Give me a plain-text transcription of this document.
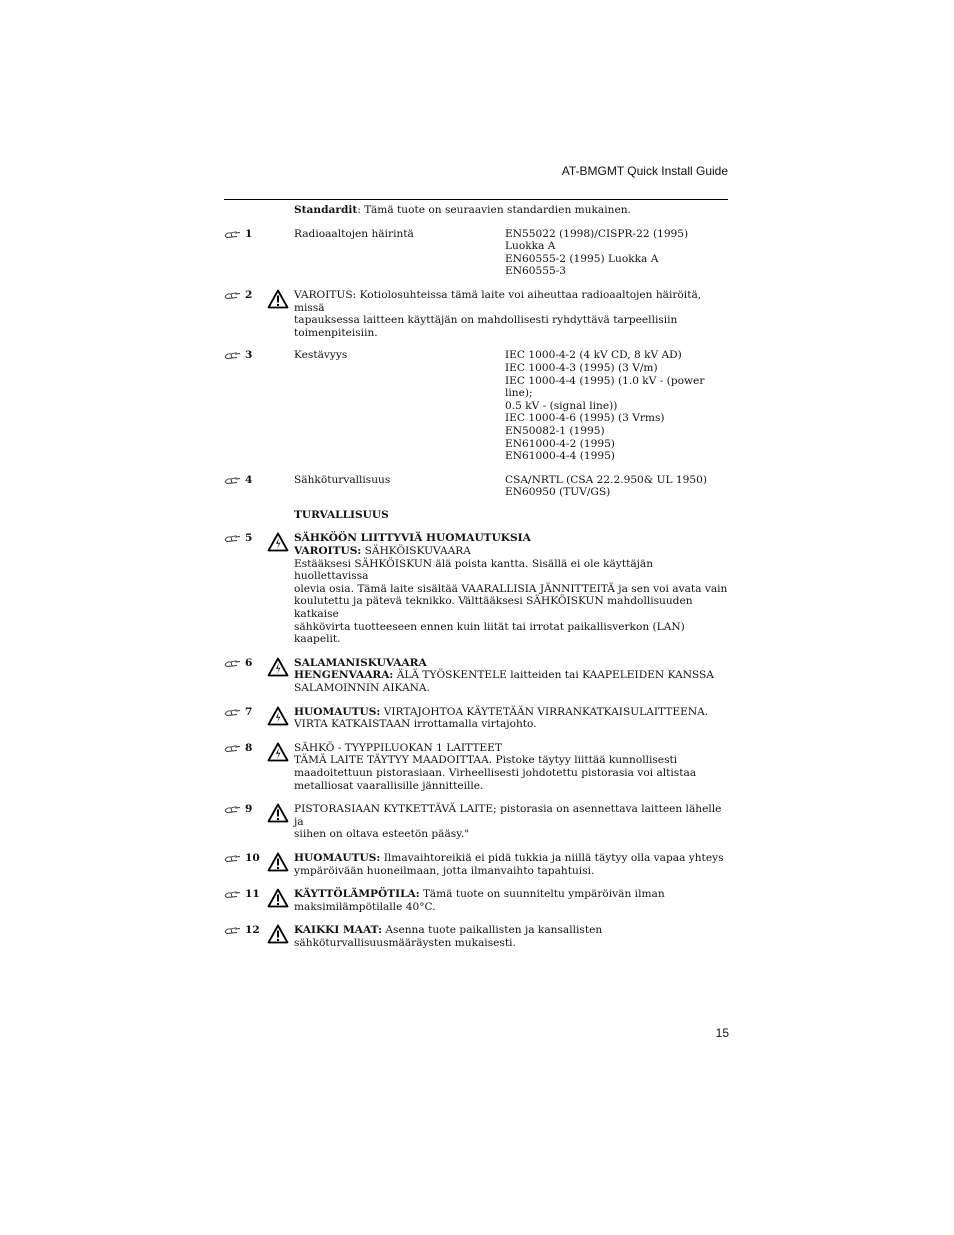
AT-BMGMT Quick Install Guide
Standardit: Tämä tuote on seuraavien standardien mukainen.
1	Radioaaltojen häirintä	EN55022 (1998)/CISPR-22 (1995) Luokka A
EN60555-2 (1995) Luokka A
EN60555-3
2	VAROITUS: Kotiolosuhteissa tämä laite voi aiheuttaa radioaaltojen häiröitä, missä
tapauksessa laitteen käyttäjän on mahdollisesti ryhdyttävä tarpeellisiin
toimenpiteisiin.
3	Kestävyys	IEC 1000-4-2 (4 kV CD, 8 kV AD)
IEC 1000-4-3 (1995) (3 V/m)
IEC 1000-4-4 (1995) (1.0 kV - (power line);
0.5 kV - (signal line))
IEC 1000-4-6 (1995) (3 Vrms)
EN50082-1 (1995)
EN61000-4-2 (1995)
EN61000-4-4 (1995)
4	Sähköturvallisuus	CSA/NRTL (CSA 22.2.950& UL 1950)
EN60950 (TUV/GS)
TURVALLISUUS
5	SÄHKÖÖN LIITTYVIÄ HUOMAUTUKSIA
VAROITUS: SÄHKÖISKUVAARA
Estääksesi SÄHKÖISKUN älä poista kantta. Sisällä ei ole käyttäjän huollettavissa
olevia osia. Tämä laite sisältää VAARALLISIA JÄNNITTEITÄ ja sen voi avata vain
koulutettu ja pätevä teknikko. Välttääksesi SÄHKÖISKUN mahdollisuuden katkaise
sähkövirta tuotteeseen ennen kuin liität tai irrotat paikallisverkon (LAN) kaapelit.
6	SALAMANISKUVAARA
HENGENVAARA: ÄLÄ TYÖSKENTELE laitteiden tai KAAPELEIDEN KANSSA
SALAMOINNIN AIKANA.
7	HUOMAUTUS: VIRTAJOHTOA KÄYTETÄÄN VIRRANKATKAISULAITTEENA.
VIRTA KATKAISTAAN irrottamalla virtajohto.
8	SÄHKÖ - TYYPPILUOKAN 1 LAITTEET
TÄMÄ LAITE TÄYTYY MAADOITTAA. Pistoke täytyy liittää kunnollisesti
maadoitettuun pistorasiaan. Virheellisesti johdotettu pistorasia voi altistaa
metalliosat vaarallisille jännitteille.
9	PISTORASIAAN KYTKETTÄVÄ LAITE; pistorasia on asennettava laitteen lähelle ja
siihen on oltava esteetön pääsy."
10	HUOMAUTUS: Ilmavaihtoreikiä ei pidä tukkia ja niillä täytyy olla vapaa yhteys
ympäröivään huoneilmaan, jotta ilmanvaihto tapahtuisi.
11	KÄYTTÖLÄMPÖTILA: Tämä tuote on suunniteltu ympäröivän ilman
maksimilämpötilalle 40°C.
12	KAIKKI MAAT: Asenna tuote paikallisten ja kansallisten
sähköturvallisuusmääräysten mukaisesti.
15
